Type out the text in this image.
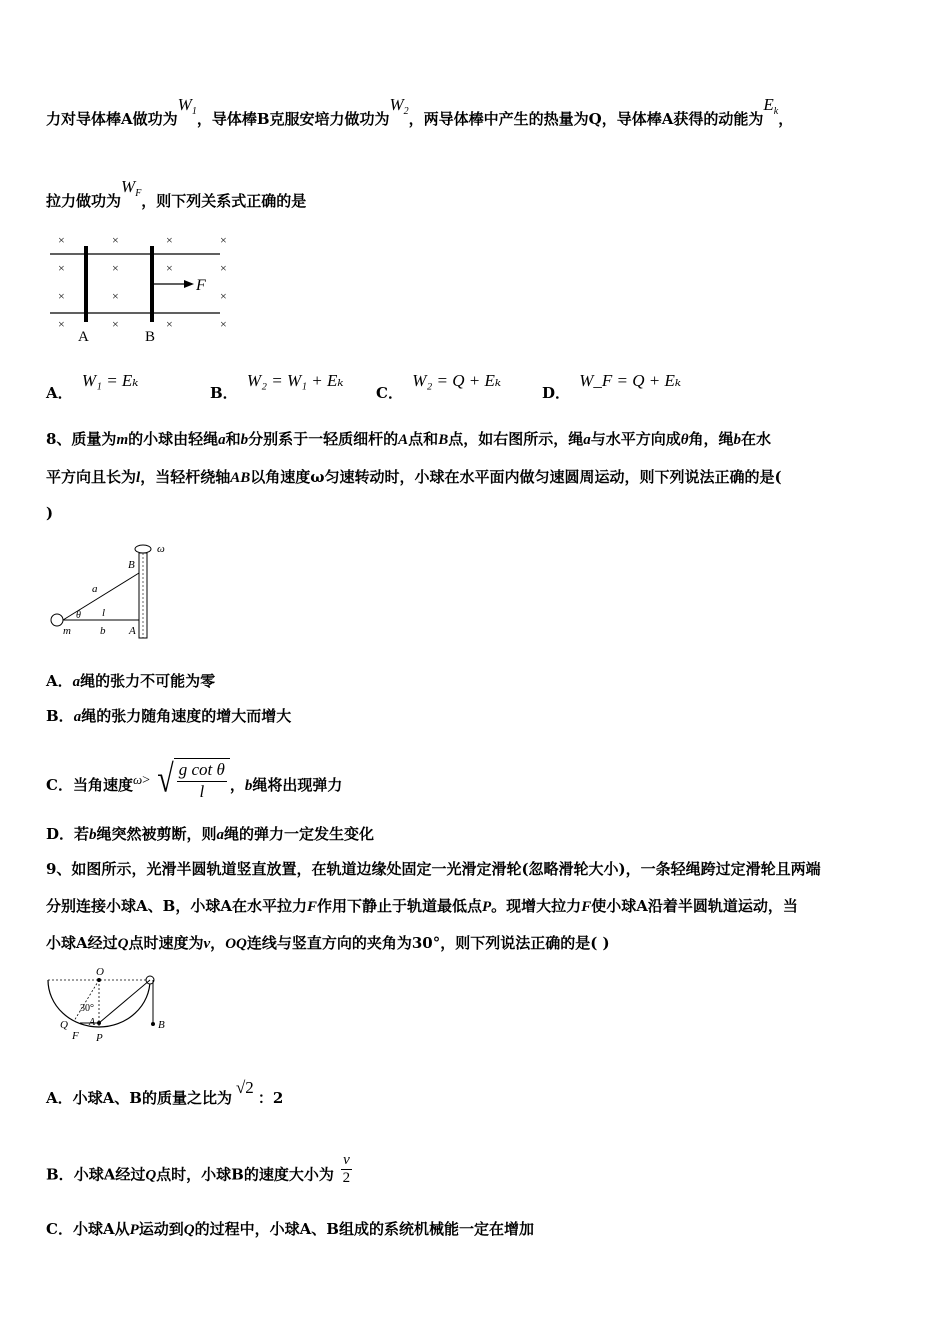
力对导体棒A做功为$W_1$，导体棒B克服安培力做功为$W_2$，两导体棒中产生的热量为Q，导体棒A获得的动能为$E_k$，
拉力做功为$W_F$，则下列关系式正确的是
×	×	×	×
×	×	×	×
×	×	×
×	×	×	×
F
A	B
A． W₁ = Eₖ
B． W₂ = W₁ + Eₖ
C． W₂ = Q + Eₖ
D． W_F = Q + Eₖ
8、质量为m的小球由轻绳a和b分别系于一轻质细杆的A点和B点，如右图所示，绳a与水平方向成θ角，绳b在水
平方向且长为l，当轻杆绕轴AB以角速度ω匀速转动时，小球在水平面内做匀速圆周运动，则下列说法正确的是(
)
ω
B
a
θ l
m	b A
A．a绳的张力不可能为零
B．a绳的张力随角速度的增大而增大
C．当角速度ω> √ $\frac{\text{g cot θ}}{l}$ ，b绳将出现弹力
D．若b绳突然被剪断，则a绳的弹力一定发生变化
9、如图所示，光滑半圆轨道竖直放置，在轨道边缘处固定一光滑定滑轮(忽略滑轮大小)，一条轻绳跨过定滑轮且两端
分别连接小球A、B，小球A在水平拉力F作用下静止于轨道最低点P。现增大拉力F使小球A沿着半圆轨道运动，当
小球A经过Q点时速度为v，OQ连线与竖直方向的夹角为30°，则下列说法正确的是( )
O
30°
Q A
F P
B
A．小球A、B的质量之比为√2：2
B．小球A经过Q点时，小球B的速度大小为 $\frac{v}{2}$
C．小球A从P运动到Q的过程中，小球A、B组成的系统机械能一定在增加
